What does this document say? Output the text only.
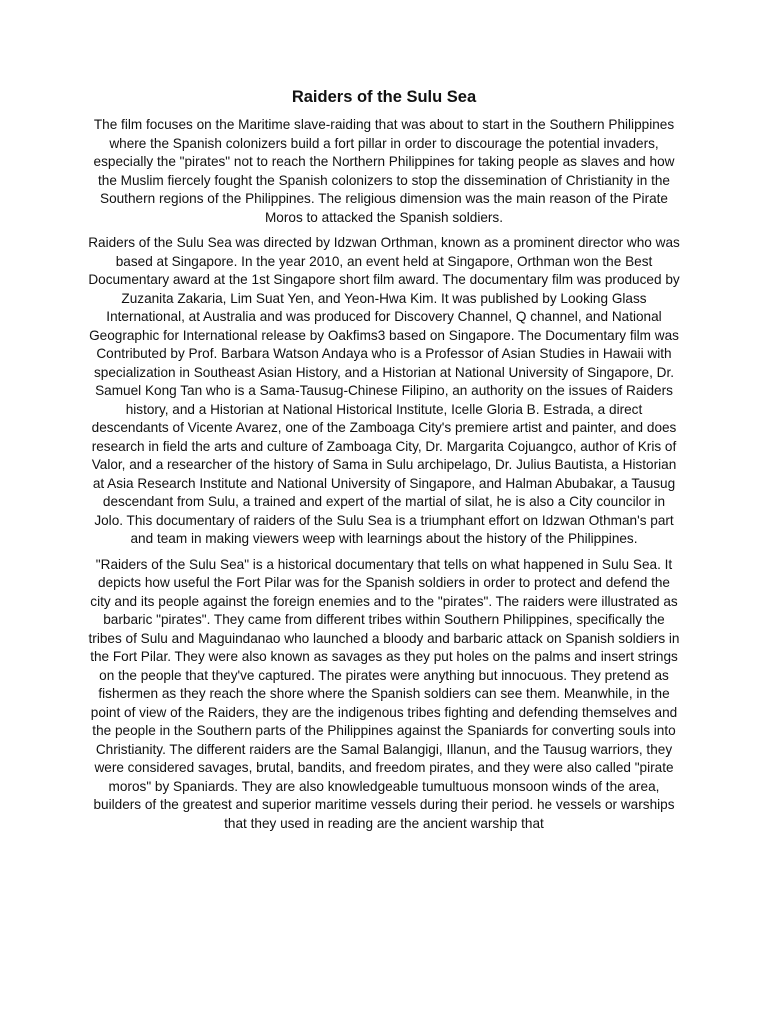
Raiders of the Sulu Sea

The film focuses on the Maritime slave-raiding that was about to start in the Southern Philippines where the Spanish colonizers build a fort pillar in order to discourage the potential invaders, especially the "pirates" not to reach the Northern Philippines for taking people as slaves and how the Muslim fiercely fought the Spanish colonizers to stop the dissemination of Christianity in the Southern regions of the Philippines. The religious dimension was the main reason of the Pirate Moros to attacked the Spanish soldiers.

Raiders of the Sulu Sea was directed by Idzwan Orthman, known as a prominent director who was based at Singapore. In the year 2010, an event held at Singapore, Orthman won the Best Documentary award at the 1st Singapore short film award. The documentary film was produced by Zuzanita Zakaria, Lim Suat Yen, and Yeon-Hwa Kim. It was published by Looking Glass International, at Australia and was produced for Discovery Channel, Q channel, and National Geographic for International release by Oakfims3 based on Singapore. The Documentary film was Contributed by Prof. Barbara Watson Andaya who is a Professor of Asian Studies in Hawaii with specialization in Southeast Asian History, and a Historian at National University of Singapore, Dr. Samuel Kong Tan who is a Sama-Tausug-Chinese Filipino, an authority on the issues of Raiders history, and a Historian at National Historical Institute, Icelle Gloria B. Estrada, a direct descendants of Vicente Avarez, one of the Zamboaga City's premiere artist and painter, and does research in field the arts and culture of Zamboaga City, Dr. Margarita Cojuangco, author of Kris of Valor, and a researcher of the history of Sama in Sulu archipelago, Dr. Julius Bautista, a Historian at Asia Research Institute and National University of Singapore, and Halman Abubakar, a Tausug descendant from Sulu, a trained and expert of the martial of silat, he is also a City councilor in Jolo. This documentary of raiders of the Sulu Sea is a triumphant effort on Idzwan Othman's part and team in making viewers weep with learnings about the history of the Philippines.

"Raiders of the Sulu Sea" is a historical documentary that tells on what happened in Sulu Sea. It depicts how useful the Fort Pilar was for the Spanish soldiers in order to protect and defend the city and its people against the foreign enemies and to the "pirates". The raiders were illustrated as barbaric "pirates". They came from different tribes within Southern Philippines, specifically the tribes of Sulu and Maguindanao who launched a bloody and barbaric attack on Spanish soldiers in the Fort Pilar. They were also known as savages as they put holes on the palms and insert strings on the people that they've captured. The pirates were anything but innocuous. They pretend as fishermen as they reach the shore where the Spanish soldiers can see them. Meanwhile, in the point of view of the Raiders, they are the indigenous tribes fighting and defending themselves and the people in the Southern parts of the Philippines against the Spaniards for converting souls into Christianity. The different raiders are the Samal Balangigi, Illanun, and the Tausug warriors, they were considered savages, brutal, bandits, and freedom pirates, and they were also called "pirate moros" by Spaniards. They are also knowledgeable tumultuous monsoon winds of the area, builders of the greatest and superior maritime vessels during their period. he vessels or warships that they used in reading are the ancient warship that
